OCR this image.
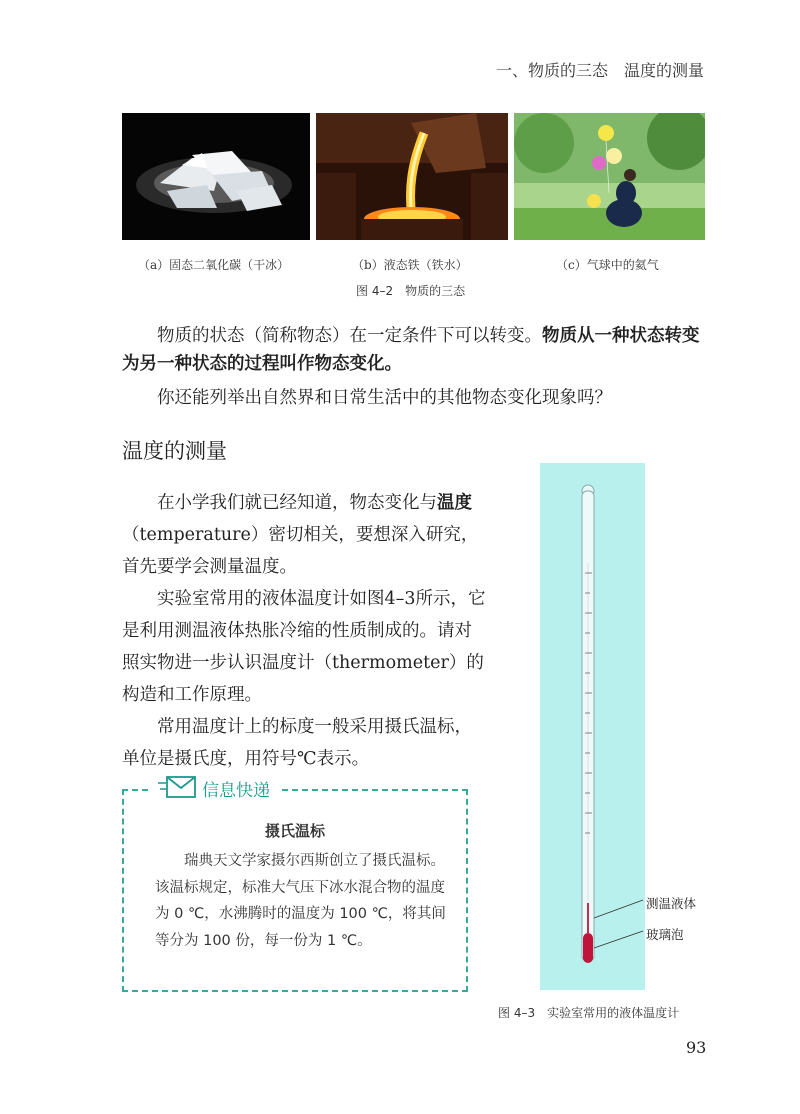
一、物质的三态　温度的测量
（a）固态二氧化碳（干冰）	（b）液态铁（铁水）	（c）气球中的氦气
图 4–2　物质的三态

物质的状态（简称物态）在一定条件下可以转变。物质从一种状态转变为另一种状态的过程叫作物态变化。

你还能列举出自然界和日常生活中的其他物态变化现象吗？

温度的测量

在小学我们就已经知道，物态变化与温度（temperature）密切相关，要想深入研究，首先要学会测量温度。

实验室常用的液体温度计如图4–3所示，它是利用测温液体热胀冷缩的性质制成的。请对照实物进一步认识温度计（thermometer）的构造和工作原理。

常用温度计上的标度一般采用摄氏温标，单位是摄氏度，用符号℃表示。

信息快递
摄氏温标

瑞典天文学家摄尔西斯创立了摄氏温标。该温标规定，标准大气压下冰水混合物的温度为 0 ℃，水沸腾时的温度为 100 ℃，将其间等分为 100 份，每一份为 1 ℃。

测温液体
玻璃泡
图 4–3　实验室常用的液体温度计
93
